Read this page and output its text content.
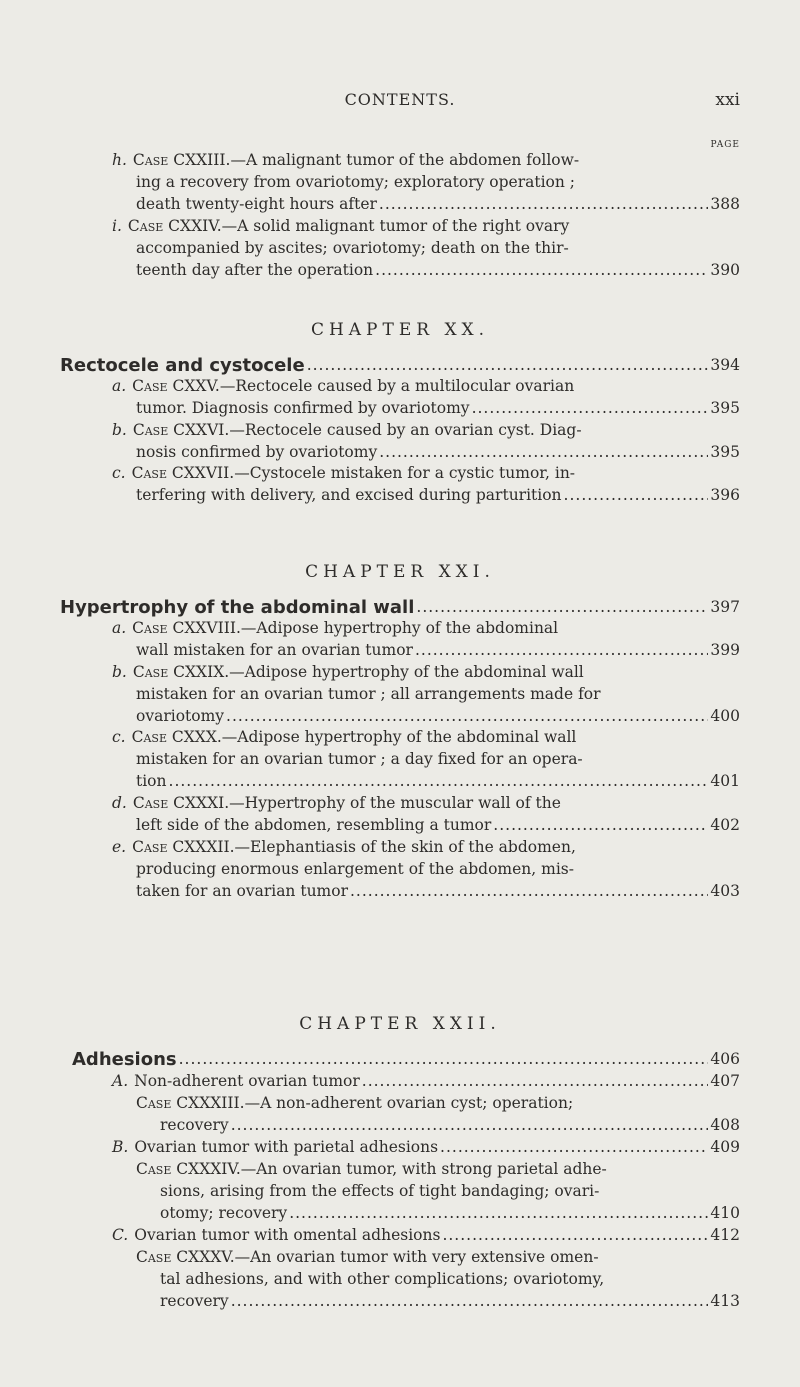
CONTENTS.	xxi
PAGE
CHAPTER XX.
CHAPTER XXI.
CHAPTER XXII.
h. Case CXXIII. —A malignant tumor of the abdomen follow-
ing a recovery from ovariotomy; exploratory operation ;
death twenty-eight hours after .....	388
i. Case CXXIV. —A solid malignant tumor of the right ovary
accompanied by ascites; ovariotomy; death on the thir-
teenth day after the operation .....	390
Rectocele and cystocele .....	394
a. Case CXXV. —Rectocele caused by a multilocular ovarian
tumor. Diagnosis confirmed by ovariotomy .....	395
b. Case CXXVI. —Rectocele caused by an ovarian cyst. Diag-
nosis confirmed by ovariotomy .....	395
c. Case CXXVII. —Cystocele mistaken for a cystic tumor, in-
terfering with delivery, and excised during parturition .....	396
Hypertrophy of the abdominal wall .....	397
a. Case CXXVIII. —Adipose hypertrophy of the abdominal
wall mistaken for an ovarian tumor .....	399
b. Case CXXIX. —Adipose hypertrophy of the abdominal wall
mistaken for an ovarian tumor ; all arrangements made for
ovariotomy .....	400
c. Case CXXX. —Adipose hypertrophy of the abdominal wall
mistaken for an ovarian tumor ; a day fixed for an opera-
tion .....	401
d. Case CXXXI. —Hypertrophy of the muscular wall of the
left side of the abdomen, resembling a tumor .....	402
e. Case CXXXII. —Elephantiasis of the skin of the abdomen,
producing enormous enlargement of the abdomen, mis-
taken for an ovarian tumor .....	403
Adhesions .....	406
A. Non-adherent ovarian tumor .....	407
Case CXXXIII. —A non-adherent ovarian cyst; operation;
recovery .....	408
B. Ovarian tumor with parietal adhesions .....	409
Case CXXXIV. —An ovarian tumor, with strong parietal adhe-
sions, arising from the effects of tight bandaging; ovari-
otomy; recovery .....	410
C. Ovarian tumor with omental adhesions .....	412
Case CXXXV. —An ovarian tumor with very extensive omen-
tal adhesions, and with other complications; ovariotomy,
recovery .....	413
